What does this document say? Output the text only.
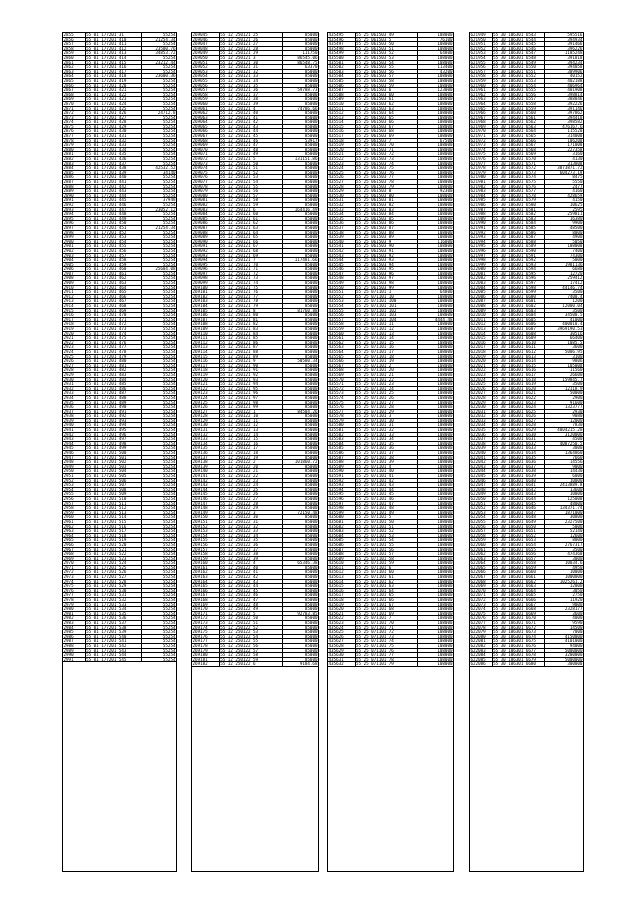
2855	55 01 177201 31	55254
2856	55 01 177201 410	21254.34
2857	55 01 177201 411	55254
2858	55 01 177201 412	23500.76
2859	55 01 177201 413	34853.72
2860	55 01 177201 414	55254
2861	55 01 177201 415	23212.44
2862	55 01 177201 416	55254
2863	55 01 177201 417	55254
2864	55 01 177201 418	23600.36
2865	55 01 177201 419	55254
2866	55 01 177201 420	55254
2867	55 01 177201 421	55254
2868	55 01 177201 422	55254
2869	55 01 177201 423	55254
2870	55 01 177201 424	55254
2871	55 01 177201 425	55254
2872	55 01 177201 426	24712.8
2873	55 01 177201 427	55254
2874	55 01 177201 428	55254
2875	55 01 177201 429	55254
2876	55 01 177201 430	55254
2877	55 01 177201 431	55254
2878	55 01 177201 432	55254
2879	55 01 177201 433	55254
2880	55 01 177201 434	55254
2881	55 01 177201 435	55254
2882	55 01 177201 436	55254
2883	55 01 177201 437	55254
2884	55 01 177201 438	42532.52
2885	55 01 177201 439	34140
2886	55 01 177201 440	55254
2887	55 01 177201 441	55254
2888	55 01 177201 442	55254
2889	55 01 177201 443	55254
2890	55 01 177201 444	55254
2891	55 01 177201 445	37948
2892	55 01 177201 446	55254
2893	55 01 177201 447	23052.12
2894	55 01 177201 448	55254
2895	55 01 177201 449	55254
2896	55 01 177201 450	55254
2897	55 01 177201 451	21254.34
2898	55 01 177201 452	55254
2899	55 01 177201 453	55254
2900	55 01 177201 454	55254
2901	55 01 177201 455	55254
2902	55 01 177201 456	55254
2903	55 01 177201 457	55254
2904	55 01 177201 458	55254
2905	55 01 177201 459	55254
2906	55 01 177201 460	25604.08
2907	55 01 177201 461	55254
2908	55 01 177201 462	55254
2909	55 01 177201 463	55254
2910	55 01 177201 464	55254
2911	55 01 177201 465	55254
2912	55 01 177201 466	55254
2913	55 01 177201 467	55254
2914	55 01 177201 468	55254
2915	55 01 177201 469	55254
2916	55 01 177201 470	55254
2917	55 01 177201 471	55254
2918	55 01 177201 472	55254
2919	55 01 177201 473	55254
2920	55 01 177201 474	55254
2921	55 01 177201 475	55254
2922	55 01 177201 476	55254
2923	55 01 177201 477	55254
2924	55 01 177201 478	55254
2925	55 01 177201 479	55254
2926	55 01 177201 480	55254
2927	55 01 177201 481	55254
2928	55 01 177201 482	55254
2929	55 01 177201 483	55254
2930	55 01 177201 484	55254
2931	55 01 177201 485	55254
2932	55 01 177201 486	55254
2933	55 01 177201 487	55254
2934	55 01 177201 488	55254
2935	55 01 177201 489	55254
2936	55 01 177201 490	55254
2937	55 01 177201 491	55254
2938	55 01 177201 492	55254
2939	55 01 177201 493	55254
2940	55 01 177201 494	55254
2941	55 01 177201 495	55254
2942	55 01 177201 496	55254
2943	55 01 177201 497	55254
2944	55 01 177201 498	55254
2945	55 01 177201 499	55254
2946	55 01 177201 500	55254
2947	55 01 177201 501	55254
2948	55 01 177201 502	55254
2949	55 01 177201 503	55254
2950	55 01 177201 504	55254
2951	55 01 177201 505	55254
2952	55 01 177201 506	55254
2953	55 01 177201 507	55254
2954	55 01 177201 508	55254
2955	55 01 177201 509	55254
2956	55 01 177201 510	55254
2957	55 01 177201 511	55254
2958	55 01 177201 512	55254
2959	55 01 177201 513	55254
2960	55 01 177201 514	55254
2961	55 01 177201 515	55254
2962	55 01 177201 516	55254
2963	55 01 177201 517	55254
2964	55 01 177201 518	55254
2965	55 01 177201 519	55254
2966	55 01 177201 520	55254
2967	55 01 177201 521	55254
2968	55 01 177201 522	55254
2969	55 01 177201 523	55254
2970	55 01 177201 524	55254
2971	55 01 177201 525	55254
2972	55 01 177201 526	55254
2973	55 01 177201 527	55254
2974	55 01 177201 528	55254
2975	55 01 177201 529	55254
2976	55 01 177201 530	55254
2977	55 01 177201 531	55254
2978	55 01 177201 532	55254
2979	55 01 177201 533	55254
2980	55 01 177201 534	55254
2981	55 01 177201 535	55254
2982	55 01 177201 536	55254
2983	55 01 177201 537	55254
2984	55 01 177201 538	55254
2985	55 01 177201 539	55254
2986	55 01 177201 540	55254
2987	55 01 177201 541	55254
2988	55 01 177201 542	55254
2989	55 01 177201 543	55254
2990	55 01 177201 544	55254
2991	55 01 177201 545	55254
269045	55 12 250121 25	85000
269046	55 12 250121 26	85000
269047	55 12 250121 27	85000
269048	55 12 250121 28	85000
269049	55 12 250121 29	111750
269050	55 12 250121 3	86545.06
269051	55 12 250121 30	86548.75
269052	55 12 250121 31	63370
269053	55 12 250121 32	85000
269054	55 12 250121 33	85000
269055	55 12 250121 34	85000
269056	55 12 250121 35	85000
269057	55 12 250121 36	59788.73
269058	55 12 250121 37	85000
269059	55 12 250121 38	85000
269060	55 12 250121 39	85000
269061	55 12 250121 4	74786.66
269062	55 12 250121 40	85000
269063	55 12 250121 41	85000
269064	55 12 250121 42	85000
269065	55 12 250121 43	85000
269066	55 12 250121 44	85000
269067	55 12 250121 45	85000
269068	55 12 250121 46	53917
269069	55 12 250121 47	85000
269070	55 12 250121 48	85000
269071	55 12 250121 49	85000
269072	55 12 250121 5	131151.86
269073	55 12 250121 50	85000
269074	55 12 250121 51	85000
269075	55 12 250121 52	85000
269076	55 12 250121 53	85000
269077	55 12 250121 54	85000
269078	55 12 250121 55	85000
269079	55 12 250121 56	85000
269080	55 12 250121 57	85000
269081	55 12 250121 58	85000
269082	55 12 250121 59	85000
269083	55 12 250121 6	164416.49
269084	55 12 250121 60	85000
269085	55 12 250121 61	85000
269086	55 12 250121 62	85000
269087	55 12 250121 63	85000
269088	55 12 250121 64	85000
269089	55 12 250121 65	85000
269090	55 12 250121 66	85000
269091	55 12 250121 67	85000
269092	55 12 250121 68	85000
269093	55 12 250121 69	85000
269094	55 12 250121 7	117481.66
269095	55 12 250121 70	85000
269096	55 12 250121 71	85000
269097	55 12 250121 72	85000
269098	55 12 250121 73	85000
269099	55 12 250121 74	85000
269100	55 12 250121 75	85000
269101	55 12 250121 76	85000
269102	55 12 250121 77	85000
269103	55 12 250121 78	85000
269104	55 12 250121 79	85000
269105	55 12 250121 8	81760.88
269106	55 12 250121 80	85000
269107	55 12 250121 81	85000
269108	55 12 250121 82	85000
269109	55 12 250121 83	85000
269110	55 12 250121 84	85000
269111	55 12 250121 85	85000
269112	55 12 250121 86	85000
269113	55 12 250121 87	85000
269114	55 12 250121 88	85000
269115	55 12 250121 89	85000
269116	55 12 250121 9	50580.34
269117	55 12 250121 90	85000
269118	55 12 250121 91	85000
269119	55 12 250121 92	85000
269120	55 12 250121 93	85000
269121	55 12 250121 94	85000
269122	55 12 250121 95	85000
269123	55 12 250121 96	85000
269124	55 12 250121 97	85000
269125	55 12 250121 98	85000
269126	55 12 250121 99	85000
269127	55 12 250122 1	84504.26
269128	55 12 250122 10	85000
269129	55 12 250122 11	85000
269130	55 12 250122 12	85000
269131	55 12 250122 13	85000
269132	55 12 250122 14	85000
269133	55 12 250122 15	85000
269134	55 12 250122 16	85000
269135	55 12 250122 17	85000
269136	55 12 250122 18	85000
269137	55 12 250122 19	85000
269138	55 12 250122 2	101860.72
269139	55 12 250122 20	85000
269140	55 12 250122 21	85000
269141	55 12 250122 22	85000
269142	55 12 250122 23	85000
269143	55 12 250122 24	85000
269144	55 12 250122 25	85000
269145	55 12 250122 26	85000
269146	55 12 250122 27	85000
269147	55 12 250122 28	85000
269148	55 12 250122 29	85000
269149	55 12 250122 3	72150.48
269150	55 12 250122 30	85000
269151	55 12 250122 31	85000
269152	55 12 250122 32	85000
269153	55 12 250122 33	85000
269154	55 12 250122 34	85000
269155	55 12 250122 35	85000
269156	55 12 250122 36	85000
269157	55 12 250122 37	85000
269158	55 12 250122 38	85000
269159	55 12 250122 39	85000
269160	55 12 250122 4	65346.38
269161	55 12 250122 40	85000
269162	55 12 250122 41	85000
269163	55 12 250122 42	85000
269164	55 12 250122 43	85000
269165	55 12 250122 44	85000
269166	55 12 250122 45	85000
269167	55 12 250122 46	85000
269168	55 12 250122 47	85000
269169	55 12 250122 48	85000
269170	55 12 250122 49	85000
269171	55 12 250122 5	92783.85
269172	55 12 250122 50	85000
269173	55 12 250122 51	85000
269174	55 12 250122 52	85000
269175	55 12 250122 53	85000
269176	55 12 250122 54	85000
269177	55 12 250122 55	85000
269178	55 12 250122 56	85000
269179	55 12 250122 57	85000
269180	55 12 250122 58	85000
269181	55 12 250122 59	85000
269182	55 12 250122 6	9184.68
435495	55 25 061503 49	108000
435496	55 25 061503 5	76100
435497	55 25 061503 50	108000
435498	55 25 061503 51	108000
435499	55 25 061503 52	64800
435500	55 25 061503 53	108000
435501	55 25 061503 54	108000
435502	55 25 061503 55	113400
435503	55 25 061503 56	43200
435504	55 25 061503 57	108000
435505	55 25 061503 58	108000
435506	55 25 061503 59	108000
435507	55 25 061503 6	123000
435508	55 25 061503 60	108000
435509	55 25 061503 61	108000
435510	55 25 061503 62	108000
435511	55 25 061503 63	108000
435512	55 25 061503 64	108000
435513	55 25 061503 65	108000
435514	55 25 061503 66	108000
435515	55 25 061503 67	108000
435516	55 25 061503 68	108000
435517	55 25 061503 69	108000
435518	55 25 061503 7	67500
435519	55 25 061503 70	108000
435520	55 25 061503 71	108000
435521	55 25 061503 72	108000
435522	55 25 061503 73	108000
435523	55 25 061503 74	108000
435524	55 25 061503 75	108000
435525	55 25 061503 76	108000
435526	55 25 061503 77	108000
435527	55 25 061503 78	108000
435528	55 25 061503 79	108000
435529	55 25 061503 8	92300
435530	55 25 061503 80	108000
435531	55 25 061503 81	108000
435532	55 25 061503 82	108000
435533	55 25 061503 83	108000
435534	55 25 061503 84	108000
435535	55 25 061503 85	108000
435536	55 25 061503 86	108000
435537	55 25 061503 87	108000
435538	55 25 061503 88	108000
435539	55 25 061503 89	108000
435540	55 25 061503 9	116000
435541	55 25 061503 90	108000
435542	55 25 061503 91	108000
435543	55 25 061503 92	108000
435544	55 25 061503 93	108000
435545	55 25 061503 94	108000
435546	55 25 061503 95	108000
435547	55 25 061503 96	108000
435548	55 25 061503 97	108000
435549	55 25 061503 98	108000
435550	55 25 061503 99	108000
435551	55 25 071101 1	64800
435552	55 25 071101 10	108000
435553	55 25 071101 100	108000
435554	55 25 071101 101	108000
435555	55 25 071101 102	108000
435556	55 25 071101 103	108000
435557	55 25 071101 104	4444.48
435558	55 25 071101 11	108000
435559	55 25 071101 12	108000
435560	55 25 071101 13	108000
435561	55 25 071101 14	108000
435562	55 25 071101 15	108000
435563	55 25 071101 16	108000
435564	55 25 071101 17	108000
435565	55 25 071101 18	108000
435566	55 25 071101 19	108000
435567	55 25 071101 2	108000
435568	55 25 071101 20	108000
435569	55 25 071101 21	108000
435570	55 25 071101 22	108000
435571	55 25 071101 23	108000
435572	55 25 071101 24	108000
435573	55 25 071101 25	108000
435574	55 25 071101 26	108000
435575	55 25 071101 27	108000
435576	55 25 071101 28	108000
435577	55 25 071101 29	108000
435578	55 25 071101 3	108000
435579	55 25 071101 30	108000
435580	55 25 071101 31	108000
435581	55 25 071101 32	108000
435582	55 25 071101 33	108000
435583	55 25 071101 34	108000
435584	55 25 071101 35	108000
435585	55 25 071101 36	108000
435586	55 25 071101 37	108000
435587	55 25 071101 38	108000
435588	55 25 071101 39	108000
435589	55 25 071101 4	108000
435590	55 25 071101 40	108000
435591	55 25 071101 41	108000
435592	55 25 071101 42	108000
435593	55 25 071101 43	108000
435594	55 25 071101 44	108000
435595	55 25 071101 45	108000
435596	55 25 071101 46	108000
435597	55 25 071101 47	108000
435598	55 25 071101 48	108000
435599	55 25 071101 49	108000
435600	55 25 071101 5	108000
435601	55 25 071101 50	108000
435602	55 25 071101 51	108000
435603	55 25 071101 52	108000
435604	55 25 071101 53	108000
435605	55 25 071101 54	108000
435606	55 25 071101 55	108000
435607	55 25 071101 56	108000
435608	55 25 071101 57	108000
435609	55 25 071101 58	108000
435610	55 25 071101 59	108000
435611	55 25 071101 6	108000
435612	55 25 071101 60	108000
435613	55 25 071101 61	108000
435614	55 25 071101 62	108000
435615	55 25 071101 63	108000
435616	55 25 071101 64	108000
435617	55 25 071101 65	108000
435618	55 25 071101 66	108000
435619	55 25 071101 67	108000
435620	55 25 071101 68	108000
435621	55 25 071101 69	108000
435622	55 25 071101 7	108000
435623	55 25 071101 70	108000
435624	55 25 071101 71	108000
435625	55 25 071101 72	108000
435626	55 25 071101 73	108000
435627	55 25 071101 74	108000
435628	55 25 071101 75	108000
435629	55 25 071101 76	108000
435630	55 25 071101 77	108000
435631	55 25 071101 78	108000
435632	55 25 071101 79	108000
621949	55 30 106301 6543	595516
621950	55 30 106301 6544	394934
621951	55 30 106301 6545	391466
621952	55 30 106301 6546	396226
621953	55 30 106301 6547	1185248
621954	55 30 106301 6548	391818
621955	55 30 106301 6549	394234
621956	55 30 106301 6550	394050
621957	55 30 106301 6551	389906
621958	55 30 106301 6552	40152
621959	55 30 106301 6553	402188
621960	55 30 106301 6554	406964
621961	55 30 106301 6555	401908
621962	55 30 106301 6556	398814
621963	55 30 106301 6557	388846
621964	55 30 106301 6558	392226
621965	55 30 106301 6559	391146
621966	55 30 106301 6560	397862
621967	55 30 106301 6561	394410
621968	55 30 106301 6562	398582
621969	55 30 106301 6563	476167.6
621970	55 30 106301 6564	115520
621971	55 30 106301 6565	314000
621972	55 30 106301 6566	106200
621973	55 30 106301 6567	171000
621974	55 30 106301 6568	227358
621975	55 30 106301 6569	3160
621976	55 30 106301 6570	4130
621977	55 30 106301 6571	313808
621978	55 30 106301 6572	3073871.72
621979	55 30 106301 6573	604273.19
621980	55 30 106301 6574	8475
621981	55 30 106301 6575	5550
621982	55 30 106301 6576	2477
621983	55 30 106301 6577	4160
621984	55 30 106301 6578	428659
621985	55 30 106301 6579	4150
621986	55 30 106301 6580	10625
621987	55 30 106301 6581	2595
621988	55 30 106301 6582	259811
621989	55 30 106301 6583	16380
621990	55 30 106301 6584	9900
621991	55 30 106301 6585	48500
621992	55 30 106301 6586	8000
621993	55 30 106301 6587	4900
621994	55 30 106301 6588	5050
621995	55 30 106301 6589	108000
621996	55 30 106301 6590	7400
621997	55 30 106301 6591	74300
621998	55 30 106301 6592	5000
621999	55 30 106301 6593	1981136
622000	55 30 106301 6594	6680
622001	55 30 106301 6595	12720
622002	55 30 106301 6596	259412
622003	55 30 106301 6597	17412
622004	55 30 106301 6598	44146.74
622005	55 30 106301 6599	3500
622006	55 30 106301 6600	7400.4
622007	55 30 106301 6601	1200
622008	55 30 106301 6602	12000.04
622009	55 30 106301 6603	3500
622010	55 30 106301 6604	34500.5
622011	55 30 106301 6605	41000
622012	55 30 106301 6606	400010.4
622013	55 30 106301 6607	3969190.53
622014	55 30 106301 6608	30516
622015	55 30 106301 6609	66400
622016	55 30 106301 6610	1085.5
622017	55 30 106301 6611	3600
622018	55 30 106301 6612	5006.95
622019	55 30 106301 6613	3100
622020	55 30 106301 6614	9806
622021	55 30 106301 6615	105000
622022	55 30 106301 6616	11560
622023	55 30 106301 6617	26600
622024	55 30 106301 6618	159845.7
622025	55 30 106301 6619	3500
622026	55 30 106301 6620	12118.9
622027	55 30 106301 6621	50000
622028	55 30 106301 6622	2900
622029	55 30 106301 6623	91600
622030	55 30 106301 6624	1323777
622031	55 30 106301 6625	2930
622032	55 30 106301 6626	9080
622033	55 30 106301 6627	12000
622034	55 30 106301 6628	7830
622035	55 30 106301 6629	4004215.28
622036	55 30 106301 6630	3120000
622037	55 30 106301 6631	4500
622038	55 30 106301 6632	4087250.5
622039	55 30 106301 6633	3000
622040	55 30 106301 6634	1364860
622041	55 30 106301 6635	7660
622042	55 30 106301 6636	14556
622043	55 30 106301 6637	9000
622044	55 30 106301 6638	14430
622045	55 30 106301 6639	6000
622046	55 30 106301 6640	10000
622047	55 30 106301 6641	2413889.8
622048	55 30 106301 6642	13600
622049	55 30 106301 6643	10000
622050	55 30 106301 6644	125000
622051	55 30 106301 6645	48000
622052	55 30 106301 6646	134371.74
622053	55 30 106301 6647	1871000
622054	55 30 106301 6648	30800
622055	55 30 106301 6649	2327500
622056	55 30 106301 6650	5000
622057	55 30 106301 6651	52140
622058	55 30 106301 6652	12600
622059	55 30 106301 6653	8000
622060	55 30 106301 6654	2767317
622061	55 30 106301 6655	3500
622062	55 30 106301 6656	474360
622063	55 30 106301 6657	3000
622064	55 30 106301 6658	10034.6
622065	55 30 106301 6659	4950
622066	55 30 106301 6660	10000
622067	55 30 106301 6661	1000000
622068	55 30 106301 6662	1025261.2
622069	55 30 106301 6663	12000
622070	55 30 106301 6664	3050
622071	55 30 106301 6665	2750
622072	55 30 106301 6666	11920
622073	55 30 106301 6667	9000
622074	55 30 106301 6668	2328177
622075	55 30 106301 6669	3600
622076	55 30 106301 6670	4000
622077	55 30 106301 6671	9590
622078	55 30 106301 6672	14500
622079	55 30 106301 6673	7000
622080	55 30 106301 6674	4150000
622081	55 30 106301 6675	4101000
622082	55 30 106301 6676	94000
622083	55 30 106301 6677	5000000
622084	55 30 106301 6678	3200000
622085	55 30 106301 6679	5000000
622086	55 30 106301 6680	300000
